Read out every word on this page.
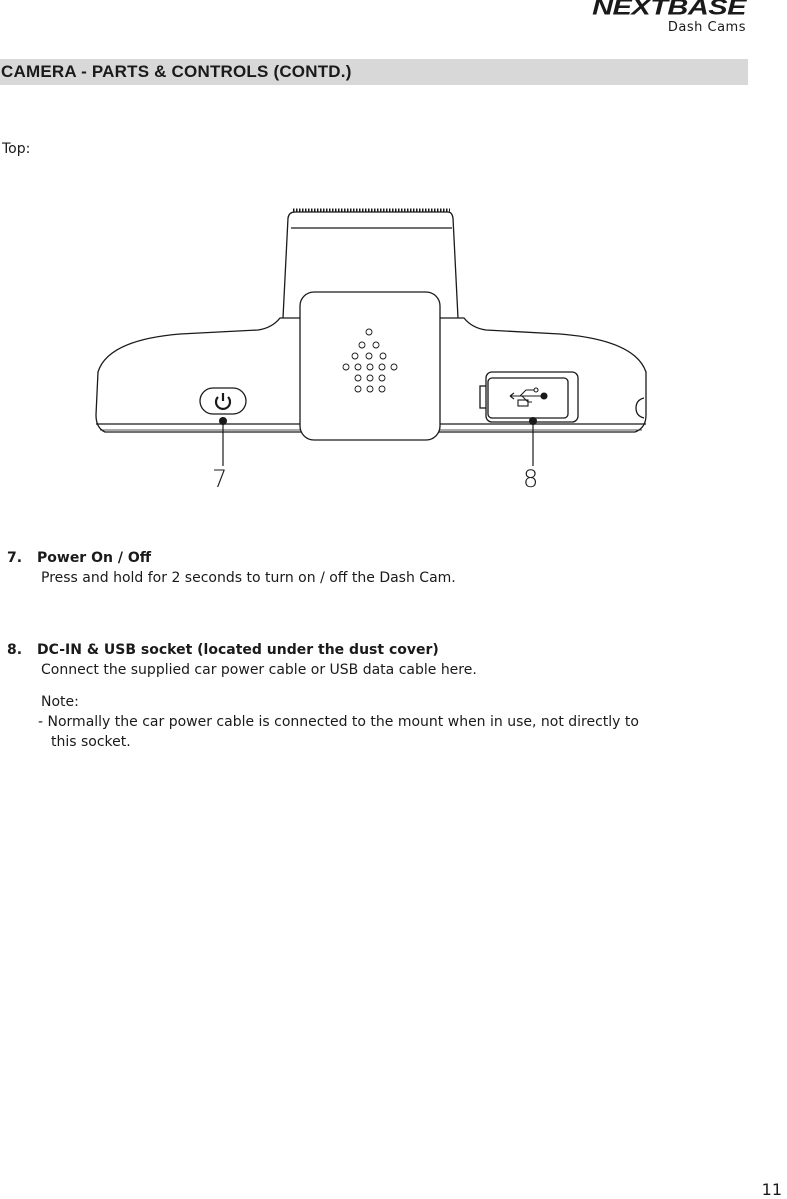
NEXTBASE
Dash Cams
CAMERA - PARTS & CONTROLS (CONTD.)
Top:
7	8
7. Power On / Off
Press and hold for 2 seconds to turn on / off the Dash Cam.
8. DC-IN & USB socket (located under the dust cover)
Connect the supplied car power cable or USB data cable here.
Note:
- Normally the car power cable is connected to the mount when in use, not directly to
this socket.
11
